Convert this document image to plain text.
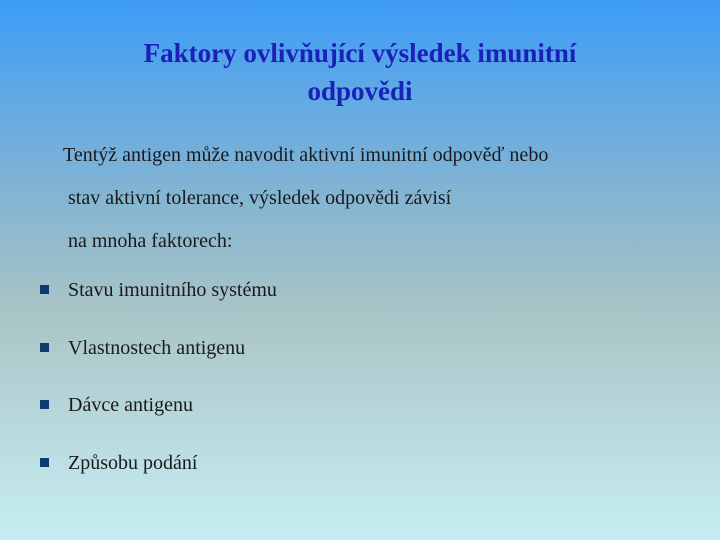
Faktory ovlivňující výsledek imunitní
odpovědi
Tentýž antigen může navodit aktivní imunitní odpověď nebo
stav aktivní tolerance, výsledek odpovědi závisí
na mnoha faktorech:
Stavu imunitního systému
Vlastnostech antigenu
Dávce antigenu
Způsobu podání
